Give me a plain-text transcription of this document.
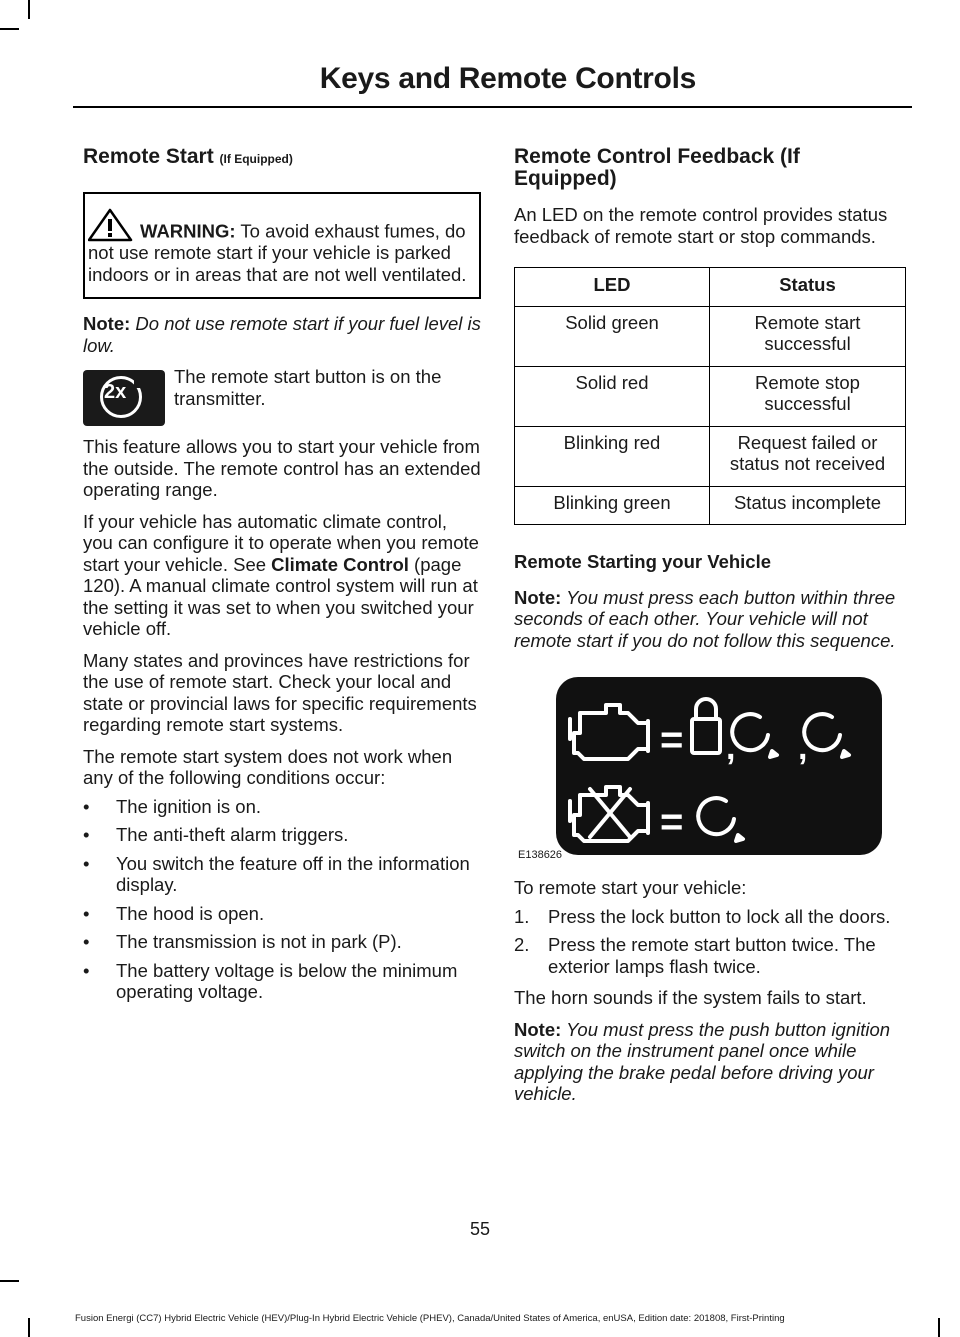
Keys and Remote Controls
Remote Start (If Equipped)
WARNING: To avoid exhaust fumes, do not use remote start if your vehicle is parked indoors or in areas that are not well ventilated.

Note: Do not use remote start if your fuel level is low.

2x

The remote start button is on the transmitter.

This feature allows you to start your vehicle from the outside. The remote control has an extended operating range.

If your vehicle has automatic climate control, you can configure it to operate when you remote start your vehicle. See Climate Control (page 120). A manual climate control system will run at the setting it was set to when you switched your vehicle off.

Many states and provinces have restrictions for the use of remote start. Check your local and state or provincial laws for specific requirements regarding remote start systems.

The remote start system does not work when any of the following conditions occur:

• The ignition is on.
• The anti-theft alarm triggers.
• You switch the feature off in the information display.
• The hood is open.
• The transmission is not in park (P).
• The battery voltage is below the minimum operating voltage.
Remote Control Feedback (If Equipped)

An LED on the remote control provides status feedback of remote start or stop commands.

LED	Status
Solid green	Remote start successful
Solid red	Remote stop successful
Blinking red	Request failed or status not received
Blinking green	Status incomplete
Remote Starting your Vehicle

Note: You must press each button within three seconds of each other. Your vehicle will not remote start if you do not follow this sequence.

=
=
, ,
E138626

To remote start your vehicle:

1. Press the lock button to lock all the doors.
2. Press the remote start button twice. The exterior lamps flash twice.

The horn sounds if the system fails to start.

Note: You must press the push button ignition switch on the instrument panel once while applying the brake pedal before driving your vehicle.

55
Fusion Energi (CC7) Hybrid Electric Vehicle (HEV)/Plug-In Hybrid Electric Vehicle (PHEV), Canada/United States of America, enUSA, Edition date: 201808, First-Printing
